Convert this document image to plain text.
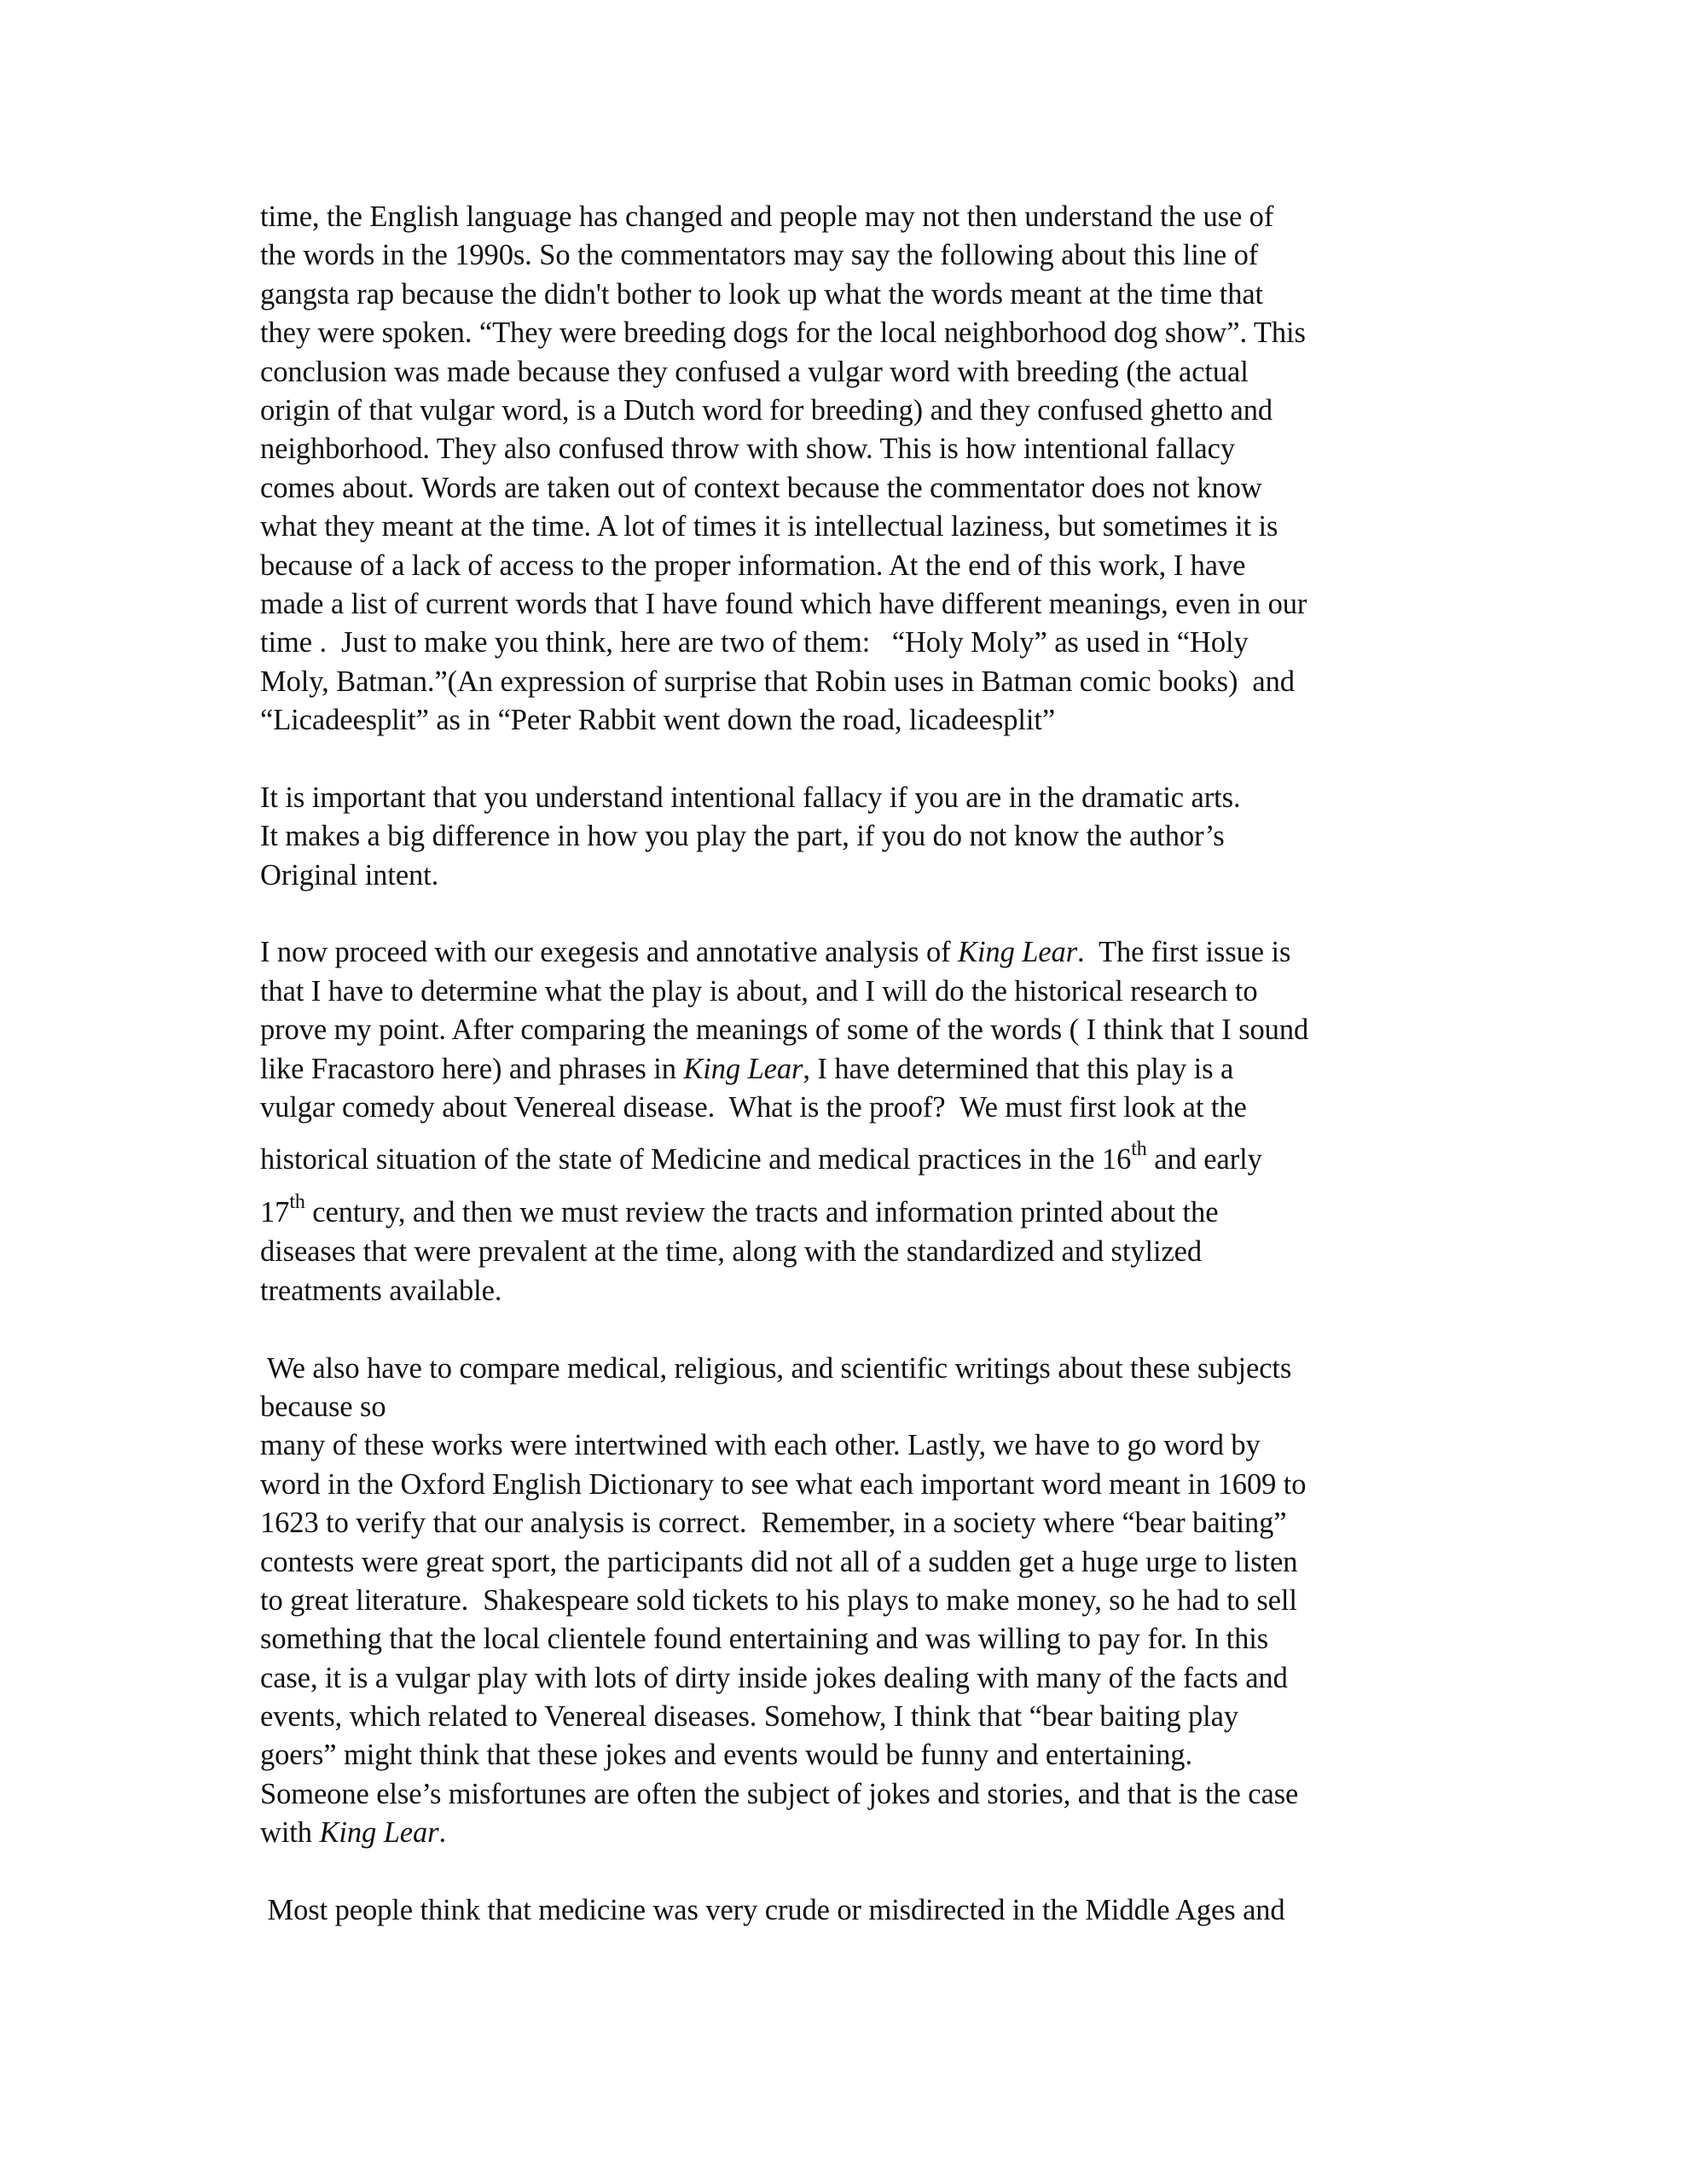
time, the English language has changed and people may not then understand the use of
the words in the 1990s. So the commentators may say the following about this line of
gangsta rap because the didn't bother to look up what the words meant at the time that
they were spoken. “They were breeding dogs for the local neighborhood dog show”. This
conclusion was made because they confused a vulgar word with breeding (the actual
origin of that vulgar word, is a Dutch word for breeding) and they confused ghetto and
neighborhood. They also confused throw with show. This is how intentional fallacy
comes about. Words are taken out of context because the commentator does not know
what they meant at the time. A lot of times it is intellectual laziness, but sometimes it is
because of a lack of access to the proper information. At the end of this work, I have
made a list of current words that I have found which have different meanings, even in our
time .  Just to make you think, here are two of them:   “Holy Moly” as used in “Holy
Moly, Batman.”(An expression of surprise that Robin uses in Batman comic books)  and
“Licadeesplit” as in “Peter Rabbit went down the road, licadeesplit”
It is important that you understand intentional fallacy if you are in the dramatic arts.
It makes a big difference in how you play the part, if you do not know the author’s
Original intent.
I now proceed with our exegesis and annotative analysis of King Lear.  The first issue is
that I have to determine what the play is about, and I will do the historical research to
prove my point. After comparing the meanings of some of the words ( I think that I sound
like Fracastoro here) and phrases in King Lear, I have determined that this play is a
vulgar comedy about Venereal disease.  What is the proof?  We must first look at the
historical situation of the state of Medicine and medical practices in the 16th and early
17th century, and then we must review the tracts and information printed about the
diseases that were prevalent at the time, along with the standardized and stylized
treatments available.
We also have to compare medical, religious, and scientific writings about these subjects
because so
many of these works were intertwined with each other. Lastly, we have to go word by
word in the Oxford English Dictionary to see what each important word meant in 1609 to
1623 to verify that our analysis is correct.  Remember, in a society where “bear baiting”
contests were great sport, the participants did not all of a sudden get a huge urge to listen
to great literature.  Shakespeare sold tickets to his plays to make money, so he had to sell
something that the local clientele found entertaining and was willing to pay for. In this
case, it is a vulgar play with lots of dirty inside jokes dealing with many of the facts and
events, which related to Venereal diseases. Somehow, I think that “bear baiting play
goers” might think that these jokes and events would be funny and entertaining.
Someone else’s misfortunes are often the subject of jokes and stories, and that is the case
with King Lear.
Most people think that medicine was very crude or misdirected in the Middle Ages and
